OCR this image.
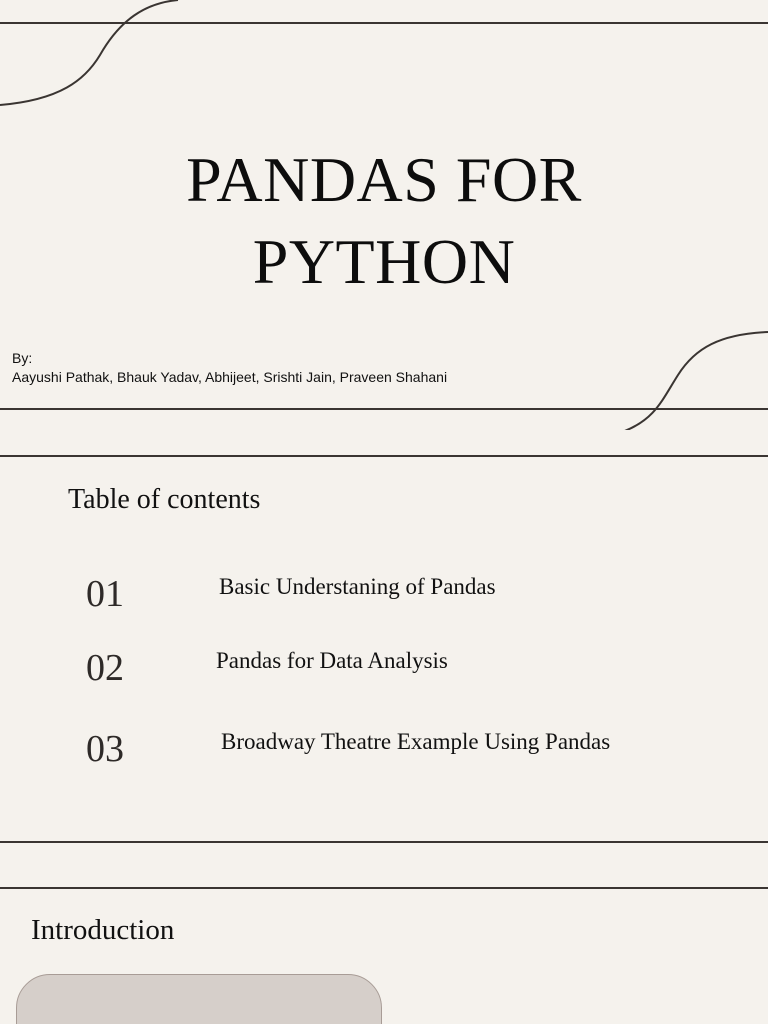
PANDAS FOR
PYTHON
By:
Aayushi Pathak, Bhauk Yadav, Abhijeet, Srishti Jain, Praveen Shahani
Table of contents
01	Basic Understaning of Pandas
02	Pandas for Data Analysis
03	Broadway Theatre Example Using Pandas
Introduction
